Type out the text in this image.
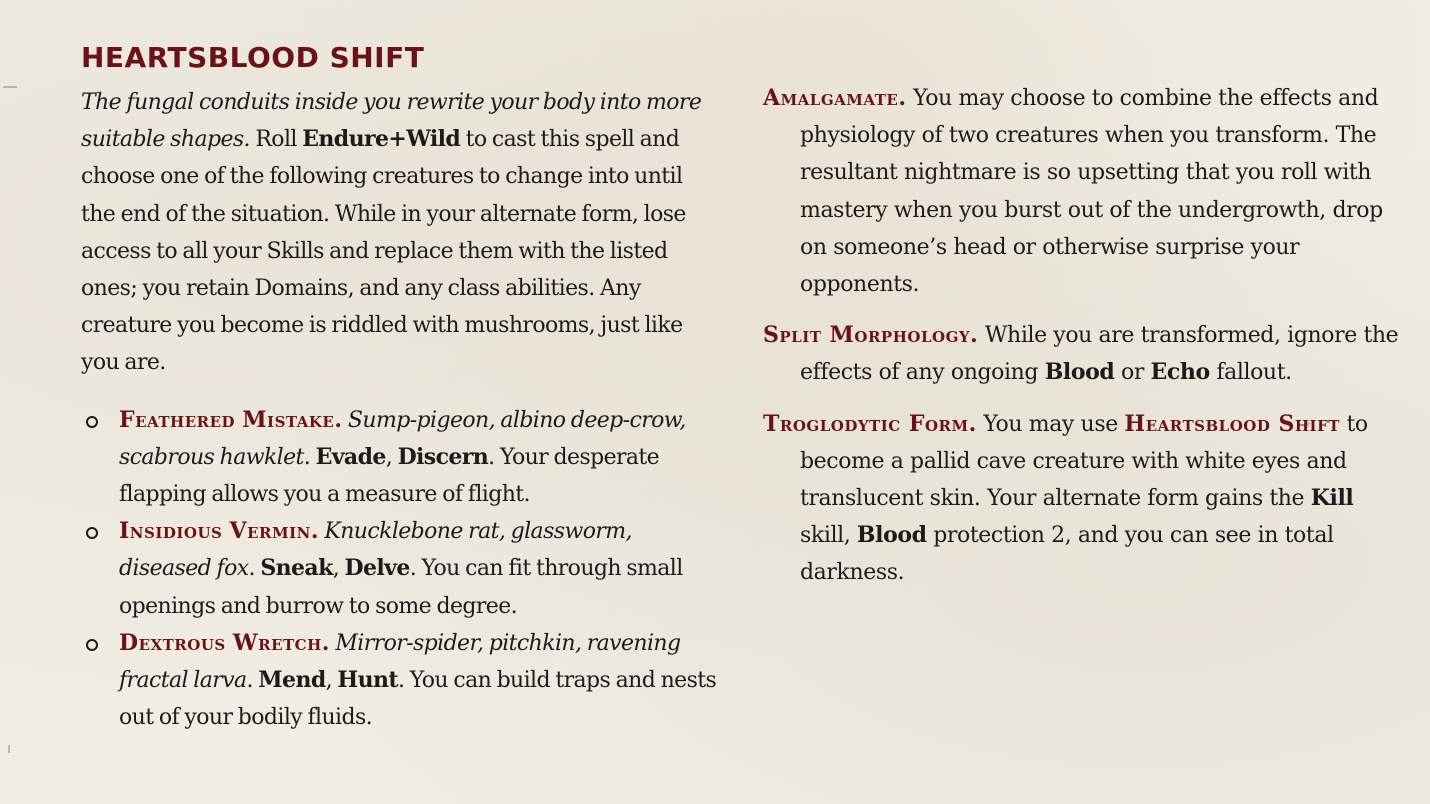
HEARTSBLOOD SHIFT

The fungal conduits inside you rewrite your body into more suitable shapes. Roll Endure+Wild to cast this spell and choose one of the following creatures to change into until the end of the situation. While in your alternate form, lose access to all your Skills and replace them with the listed ones; you retain Domains, and any class abilities. Any creature you become is riddled with mushrooms, just like you are.

Feathered Mistake. Sump-pigeon, albino deep-crow, scabrous hawklet. Evade, Discern. Your desperate flapping allows you a measure of flight.
Insidious Vermin. Knucklebone rat, glassworm, diseased fox. Sneak, Delve. You can fit through small openings and burrow to some degree.
Dextrous Wretch. Mirror-spider, pitchkin, ravening fractal larva. Mend, Hunt. You can build traps and nests out of your bodily fluids.

Amalgamate. You may choose to combine the effects and physiology of two creatures when you transform. The resultant nightmare is so upsetting that you roll with mastery when you burst out of the undergrowth, drop on someone’s head or otherwise surprise your opponents.

Split Morphology. While you are transformed, ignore the effects of any ongoing Blood or Echo fallout.

Troglodytic Form. You may use Heartsblood Shift to become a pallid cave creature with white eyes and translucent skin. Your alternate form gains the Kill skill, Blood protection 2, and you can see in total darkness.
